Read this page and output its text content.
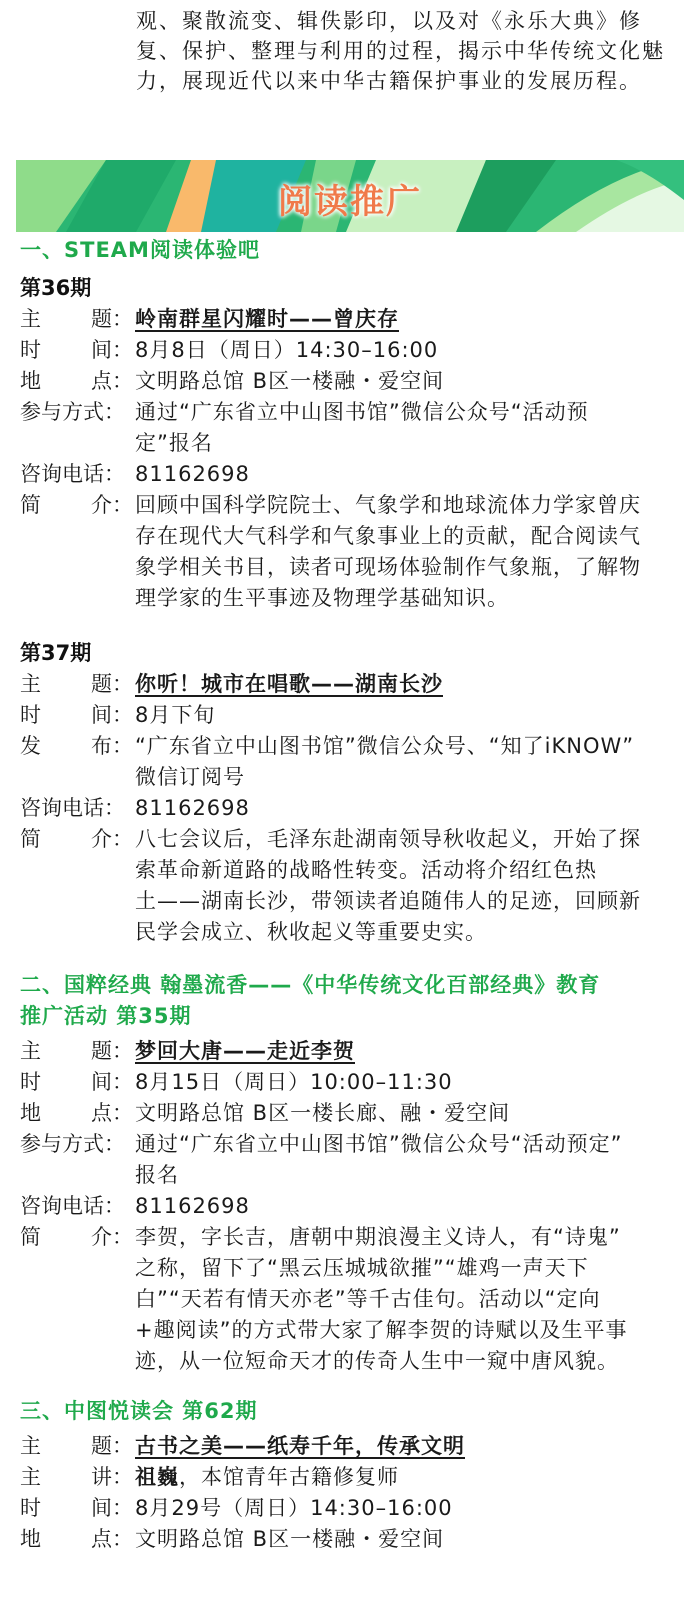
观、聚散流变、辑佚影印，以及对《永乐大典》修

复、保护、整理与利用的过程，揭示中华传统文化魅

力，展现近代以来中华古籍保护事业的发展历程。

阅读推广
一、STEAM阅读体验吧
第36期
主 题： 岭南群星闪耀时——曾庆存
时 间： 8月8日（周日）14:30–16:00
地 点： 文明路总馆 B区一楼融・爱空间
参与方式： 通过“广东省立中山图书馆”微信公众号“活动预
定”报名
咨询电话： 81162698
简 介： 回顾中国科学院院士、气象学和地球流体力学家曾庆
存在现代大气科学和气象事业上的贡献，配合阅读气
象学相关书目，读者可现场体验制作气象瓶，了解物
理学家的生平事迹及物理学基础知识。
第37期
主 题： 你听！城市在唱歌——湖南长沙
时 间： 8月下旬
发 布： “广东省立中山图书馆”微信公众号、“知了iKNOW”
微信订阅号
咨询电话： 81162698
简 介： 八七会议后，毛泽东赴湖南领导秋收起义，开始了探
索革命新道路的战略性转变。活动将介绍红色热
土——湖南长沙，带领读者追随伟人的足迹，回顾新
民学会成立、秋收起义等重要史实。
二、国粹经典 翰墨流香——《中华传统文化百部经典》教育
推广活动 第35期
主 题： 梦回大唐——走近李贺
时 间： 8月15日（周日）10:00–11:30
地 点： 文明路总馆 B区一楼长廊、融・爱空间
参与方式： 通过“广东省立中山图书馆”微信公众号“活动预定”
报名
咨询电话： 81162698
简 介： 李贺，字长吉，唐朝中期浪漫主义诗人，有“诗鬼”
之称，留下了“黑云压城城欲摧”“雄鸡一声天下
白”“天若有情天亦老”等千古佳句。活动以“定向
+趣阅读”的方式带大家了解李贺的诗赋以及生平事
迹，从一位短命天才的传奇人生中一窥中唐风貌。
三、中图悦读会 第62期
主 题： 古书之美——纸寿千年，传承文明
主 讲： 祖巍，本馆青年古籍修复师
时 间： 8月29号（周日）14:30–16:00
地 点： 文明路总馆 B区一楼融・爱空间
